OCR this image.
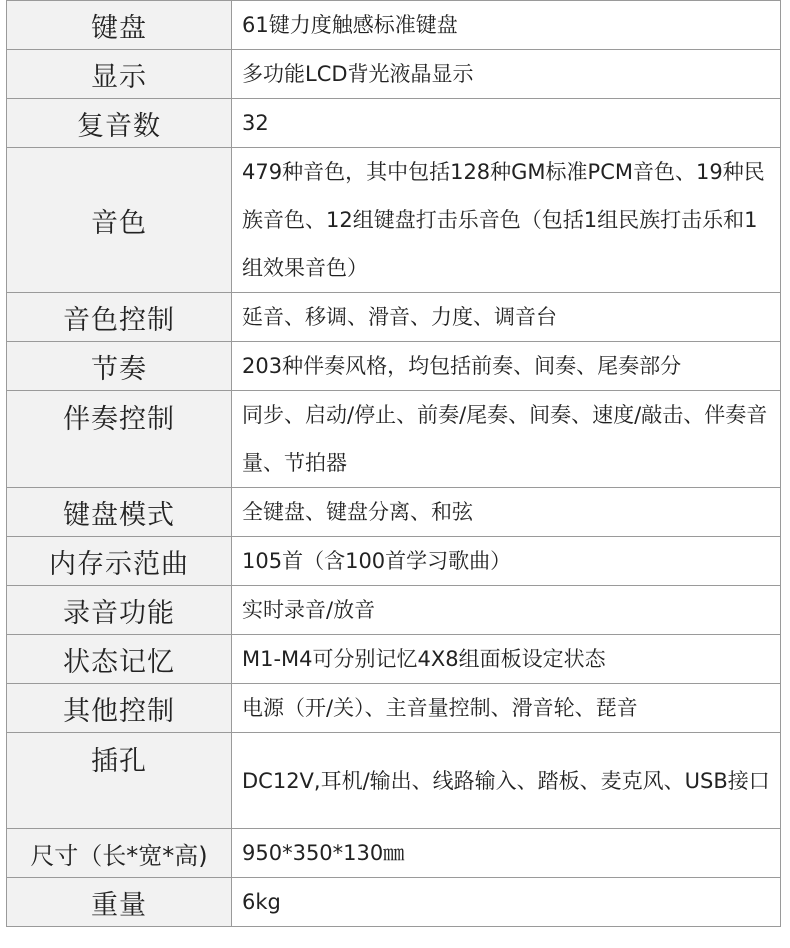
键盘	61键力度触感标准键盘
显示	多功能LCD背光液晶显示
复音数	32
音色	479种音色，其中包括128种GM标准PCM音色、19种民族音色、12组键盘打击乐音色（包括1组民族打击乐和1组效果音色）
音色控制	延音、移调、滑音、力度、调音台
节奏	203种伴奏风格，均包括前奏、间奏、尾奏部分
伴奏控制	同步、启动/停止、前奏/尾奏、间奏、速度/敲击、伴奏音量、节拍器
键盘模式	全键盘、键盘分离、和弦
内存示范曲	105首（含100首学习歌曲）
录音功能	实时录音/放音
状态记忆	M1-M4可分别记忆4X8组面板设定状态
其他控制	电源（开/关）、主音量控制、滑音轮、琵音
插孔	DC12V,耳机/输出、线路输入、踏板、麦克风、USB接口
尺寸（长*宽*高)	950*350*130㎜
重量	6kg
